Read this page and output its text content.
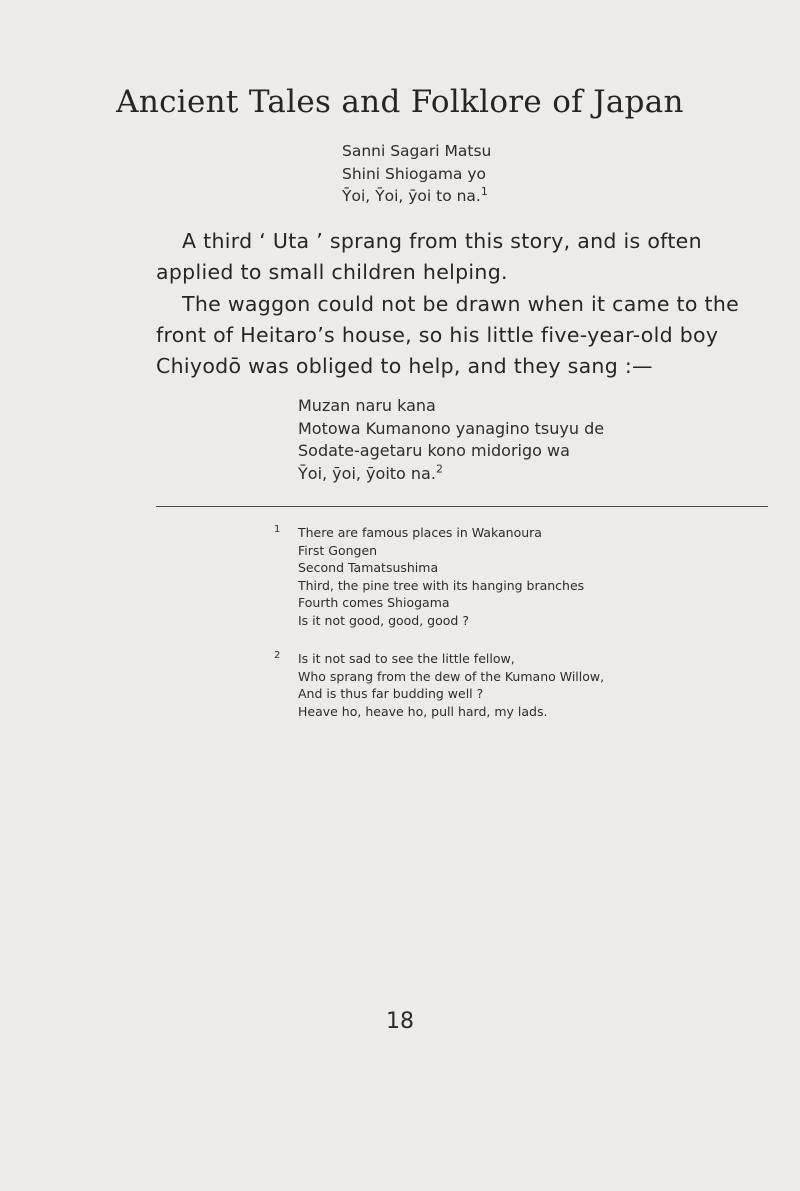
Ancient Tales and Folklore of Japan
Sanni Sagari Matsu
Shini Shiogama yo
Ȳoi, Ȳoi, ȳoi to na.$^1$
A third ‘ Uta ’ sprang from this story, and is often
applied to small children helping.
The waggon could not be drawn when it came to the
front of Heitaro’s house, so his little five-year-old boy
Chiyodō was obliged to help, and they sang :—
Muzan naru kana
Motowa Kumanono yanagino tsuyu de
Sodate-agetaru kono midorigo wa
Ȳoi, ȳoi, ȳoito na.$^2$
1 There are famous places in Wakanoura
First Gongen
Second Tamatsushima
Third, the pine tree with its hanging branches
Fourth comes Shiogama
Is it not good, good, good ?
2 Is it not sad to see the little fellow,
Who sprang from the dew of the Kumano Willow,
And is thus far budding well ?
Heave ho, heave ho, pull hard, my lads.
18
